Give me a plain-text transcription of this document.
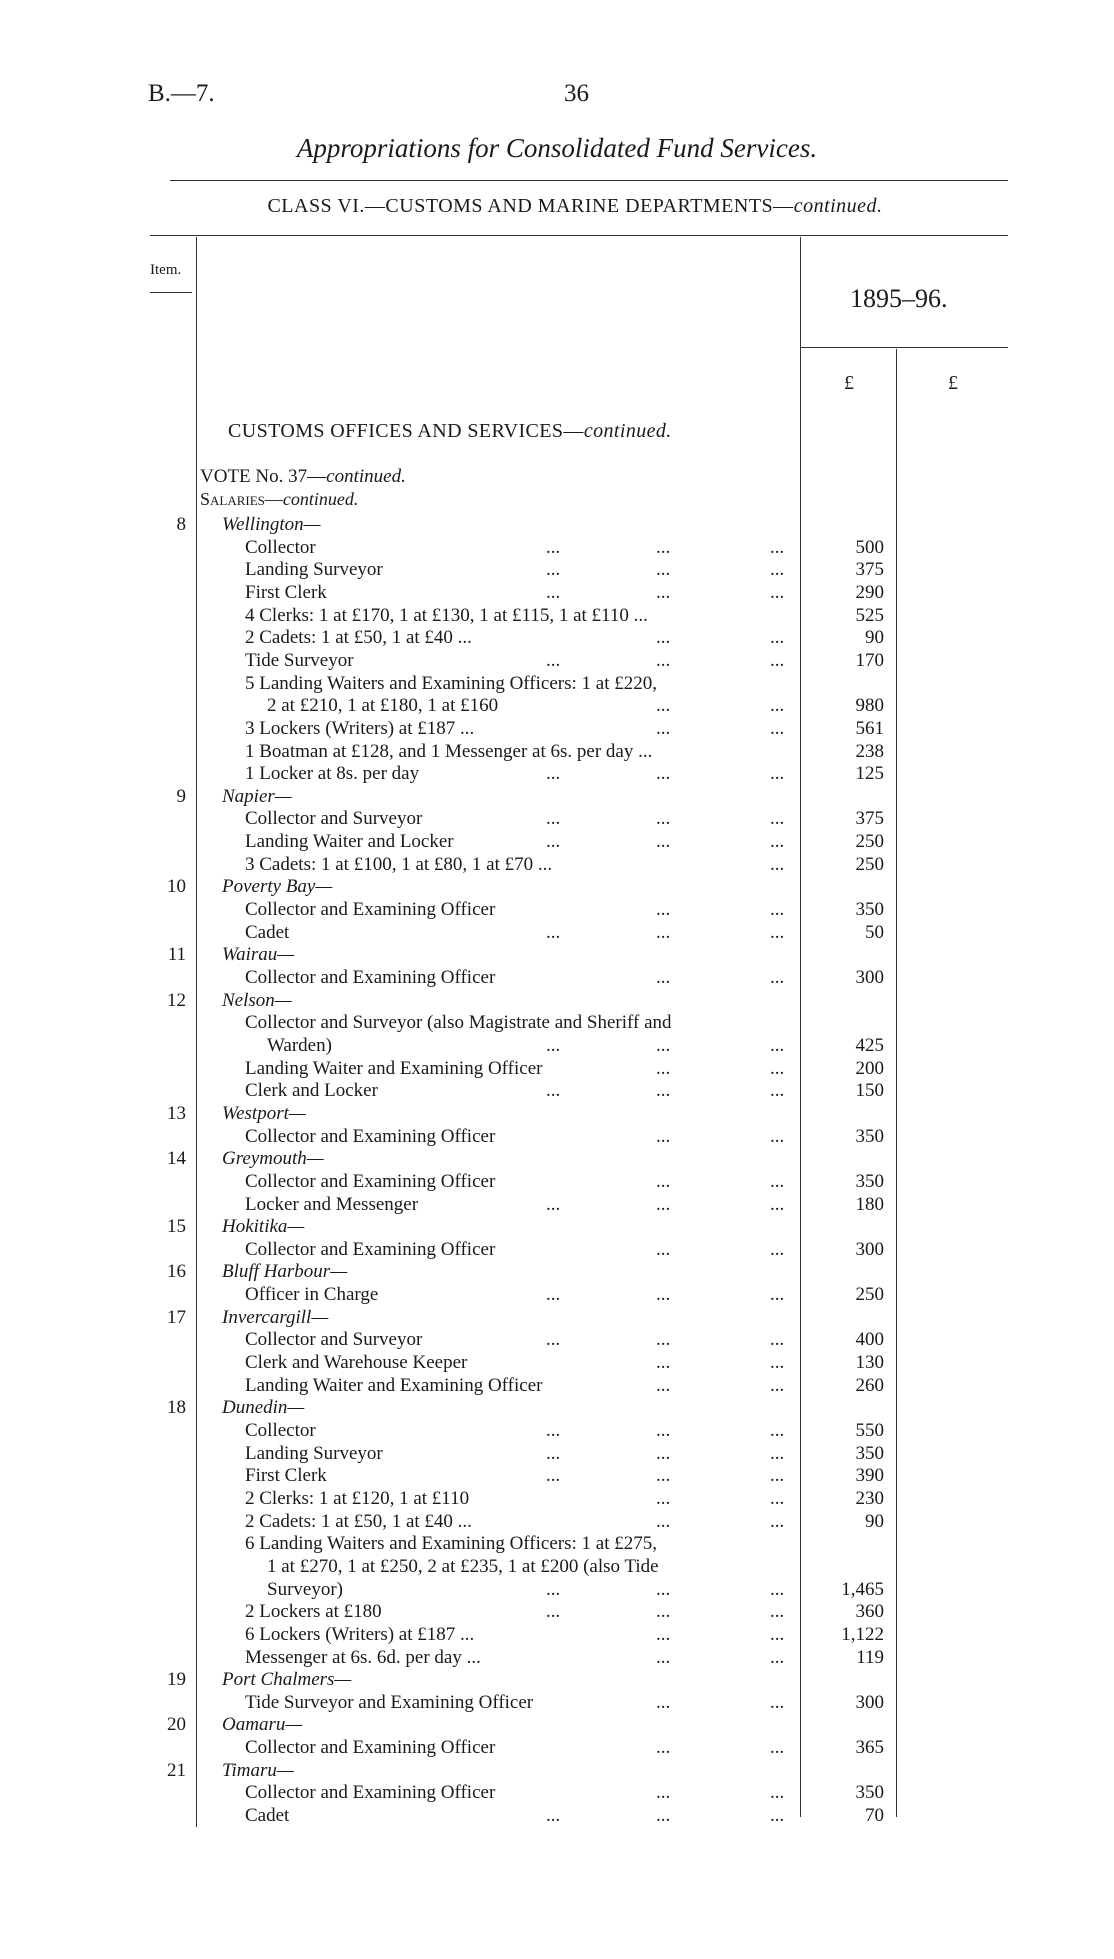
B.—7.	36
Appropriations for Consolidated Fund Services.
CLASS VI.—CUSTOMS AND MARINE DEPARTMENTS—continued.
Item.
1895–96.
£	£
CUSTOMS OFFICES AND SERVICES—continued.
VOTE No. 37—continued.
Salaries—continued.
8 Wellington—
Collector	...	...	...	500
Landing Surveyor	...	...	...	375
First Clerk	...	...	...	290
4 Clerks: 1 at £170, 1 at £130, 1 at £115, 1 at £110 ...	525
2 Cadets: 1 at £50, 1 at £40 ...	...	...	90
Tide Surveyor	...	...	...	170
5 Landing Waiters and Examining Officers: 1 at £220,
2 at £210, 1 at £180, 1 at £160	...	...	980
3 Lockers (Writers) at £187 ...	...	...	561
1 Boatman at £128, and 1 Messenger at 6s. per day ...	238
1 Locker at 8s. per day	...	...	...	125
9 Napier—
Collector and Surveyor	...	...	...	375
Landing Waiter and Locker	...	...	...	250
3 Cadets: 1 at £100, 1 at £80, 1 at £70 ...	...	250
10 Poverty Bay—
Collector and Examining Officer	...	...	350
Cadet	...	...	...	50
11 Wairau—
Collector and Examining Officer	...	...	300
12 Nelson—
Collector and Surveyor (also Magistrate and Sheriff and
Warden)	...	...	...	425
Landing Waiter and Examining Officer	...	...	200
Clerk and Locker	...	...	...	150
13 Westport—
Collector and Examining Officer	...	...	350
14 Greymouth—
Collector and Examining Officer	...	...	350
Locker and Messenger	...	...	...	180
15 Hokitika—
Collector and Examining Officer	...	...	300
16 Bluff Harbour—
Officer in Charge	...	...	...	250
17 Invercargill—
Collector and Surveyor	...	...	...	400
Clerk and Warehouse Keeper	...	...	130
Landing Waiter and Examining Officer	...	...	260
18 Dunedin—
Collector	...	...	...	550
Landing Surveyor	...	...	...	350
First Clerk	...	...	...	390
2 Clerks: 1 at £120, 1 at £110	...	...	230
2 Cadets: 1 at £50, 1 at £40 ...	...	...	90
6 Landing Waiters and Examining Officers: 1 at £275,
1 at £270, 1 at £250, 2 at £235, 1 at £200 (also Tide
Surveyor)	...	...	...	1,465
2 Lockers at £180	...	...	...	360
6 Lockers (Writers) at £187 ...	...	...	1,122
Messenger at 6s. 6d. per day ...	...	...	119
19 Port Chalmers—
Tide Surveyor and Examining Officer	...	...	300
20 Oamaru—
Collector and Examining Officer	...	...	365
21 Timaru—
Collector and Examining Officer	...	...	350
Cadet	...	...	...	70
